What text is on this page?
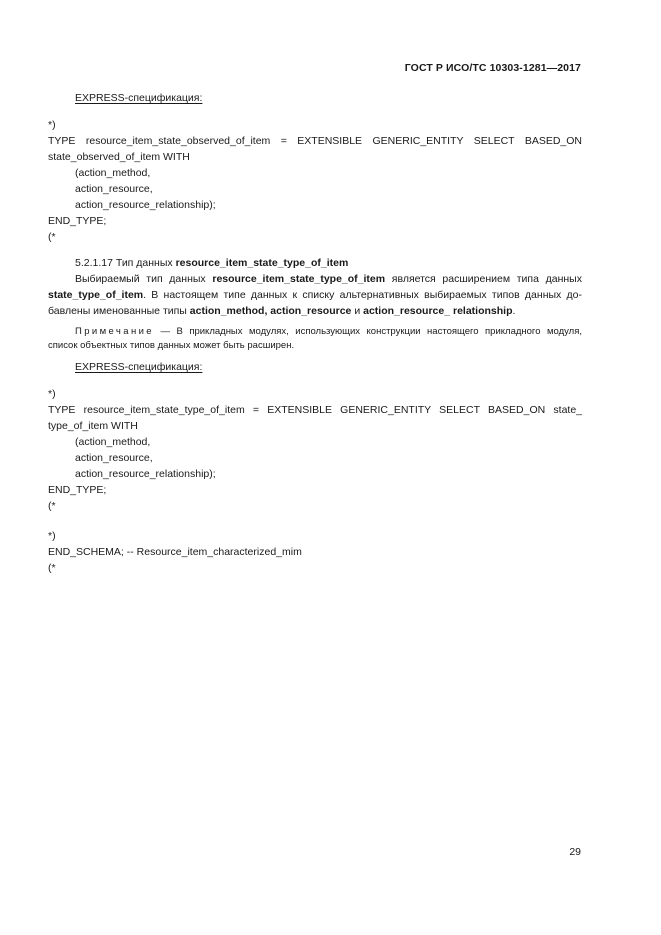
ГОСТ Р ИСО/ТС 10303-1281—2017
EXPRESS-спецификация:
*)
TYPE resource_item_state_observed_of_item = EXTENSIBLE GENERIC_ENTITY SELECT BASED_ON
state_observed_of_item WITH
(action_method,
action_resource,
action_resource_relationship);
END_TYPE;
(*
5.2.1.17 Тип данных resource_item_state_type_of_item
Выбираемый тип данных resource_item_state_type_of_item является расширением типа данных
state_type_of_item. В настоящем типе данных к списку альтернативных выбираемых типов данных до-
бавлены именованные типы action_method, action_resource и action_resource_ relationship.
Примечание — В прикладных модулях, использующих конструкции настоящего прикладного модуля,
список объектных типов данных может быть расширен.
EXPRESS-спецификация:
*)
TYPE resource_item_state_type_of_item = EXTENSIBLE GENERIC_ENTITY SELECT BASED_ON state_
type_of_item WITH
(action_method,
action_resource,
action_resource_relationship);
END_TYPE;
(*
*)
END_SCHEMA; -- Resource_item_characterized_mim
(*
29
